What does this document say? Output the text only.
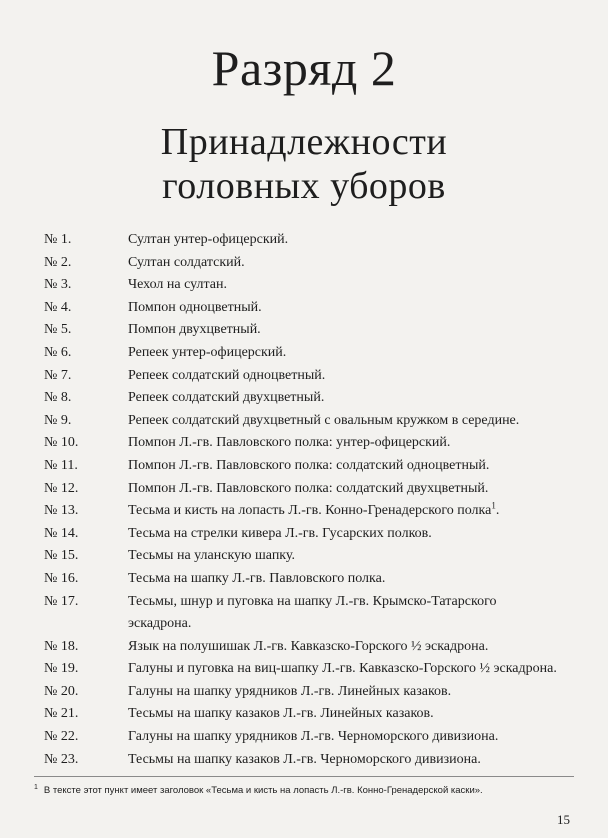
Разряд 2
Принадлежности
головных уборов
№ 1.	Султан унтер-офицерский.
№ 2.	Султан солдатский.
№ 3.	Чехол на султан.
№ 4.	Помпон одноцветный.
№ 5.	Помпон двухцветный.
№ 6.	Репеек унтер-офицерский.
№ 7.	Репеек солдатский одноцветный.
№ 8.	Репеек солдатский двухцветный.
№ 9.	Репеек солдатский двухцветный с овальным кружком в середине.
№ 10.	Помпон Л.-гв. Павловского полка: унтер-офицерский.
№ 11.	Помпон Л.-гв. Павловского полка: солдатский одноцветный.
№ 12.	Помпон Л.-гв. Павловского полка: солдатский двухцветный.
№ 13.	Тесьма и кисть на лопасть Л.-гв. Конно-Гренадерского полка$^1$.
№ 14.	Тесьма на стрелки кивера Л.-гв. Гусарских полков.
№ 15.	Тесьмы на уланскую шапку.
№ 16.	Тесьма на шапку Л.-гв. Павловского полка.
№ 17.	Тесьмы, шнур и пуговка на шапку Л.-гв. Крымско-Татарского
эскадрона.
№ 18.	Язык на полушишак Л.-гв. Кавказско-Горского ½ эскадрона.
№ 19.	Галуны и пуговка на виц-шапку Л.-гв. Кавказско-Горского ½ эскадрона.
№ 20.	Галуны на шапку урядников Л.-гв. Линейных казаков.
№ 21.	Тесьмы на шапку казаков Л.-гв. Линейных казаков.
№ 22.	Галуны на шапку урядников Л.-гв. Черноморского дивизиона.
№ 23.	Тесьмы на шапку казаков Л.-гв. Черноморского дивизиона.
$^1$ В тексте этот пункт имеет заголовок «Тесьма и кисть на лопасть Л.-гв. Конно-Гренадерской каски».
15
